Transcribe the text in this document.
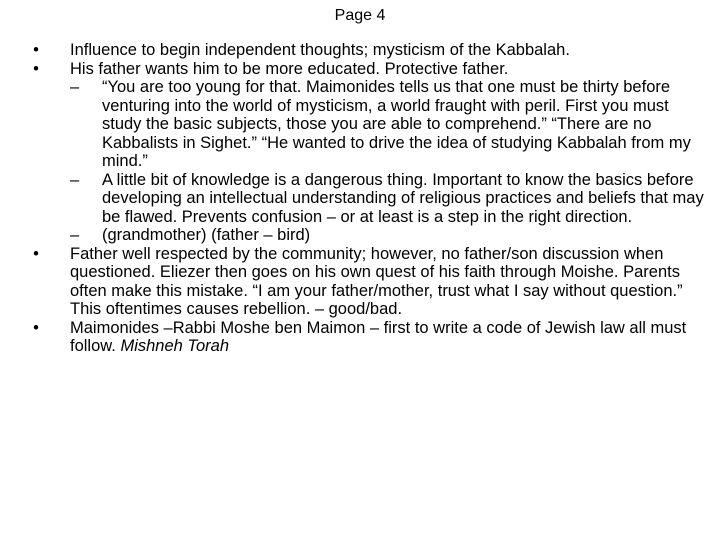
Page 4
• Influence to begin independent thoughts; mysticism of the Kabbalah.
• His father wants him to be more educated. Protective father.
– “You are too young for that. Maimonides tells us that one must be thirty before venturing into the world of mysticism, a world fraught with peril. First you must study the basic subjects, those you are able to comprehend.” “There are no Kabbalists in Sighet.” “He wanted to drive the idea of studying Kabbalah from my mind.”
– A little bit of knowledge is a dangerous thing. Important to know the basics before developing an intellectual understanding of religious practices and beliefs that may be flawed. Prevents confusion – or at least is a step in the right direction.
– (grandmother) (father – bird)
• Father well respected by the community; however, no father/son discussion when questioned. Eliezer then goes on his own quest of his faith through Moishe. Parents often make this mistake. “I am your father/mother, trust what I say without question.” This oftentimes causes rebellion. – good/bad.
• Maimonides –Rabbi Moshe ben Maimon – first to write a code of Jewish law all must follow. Mishneh Torah
